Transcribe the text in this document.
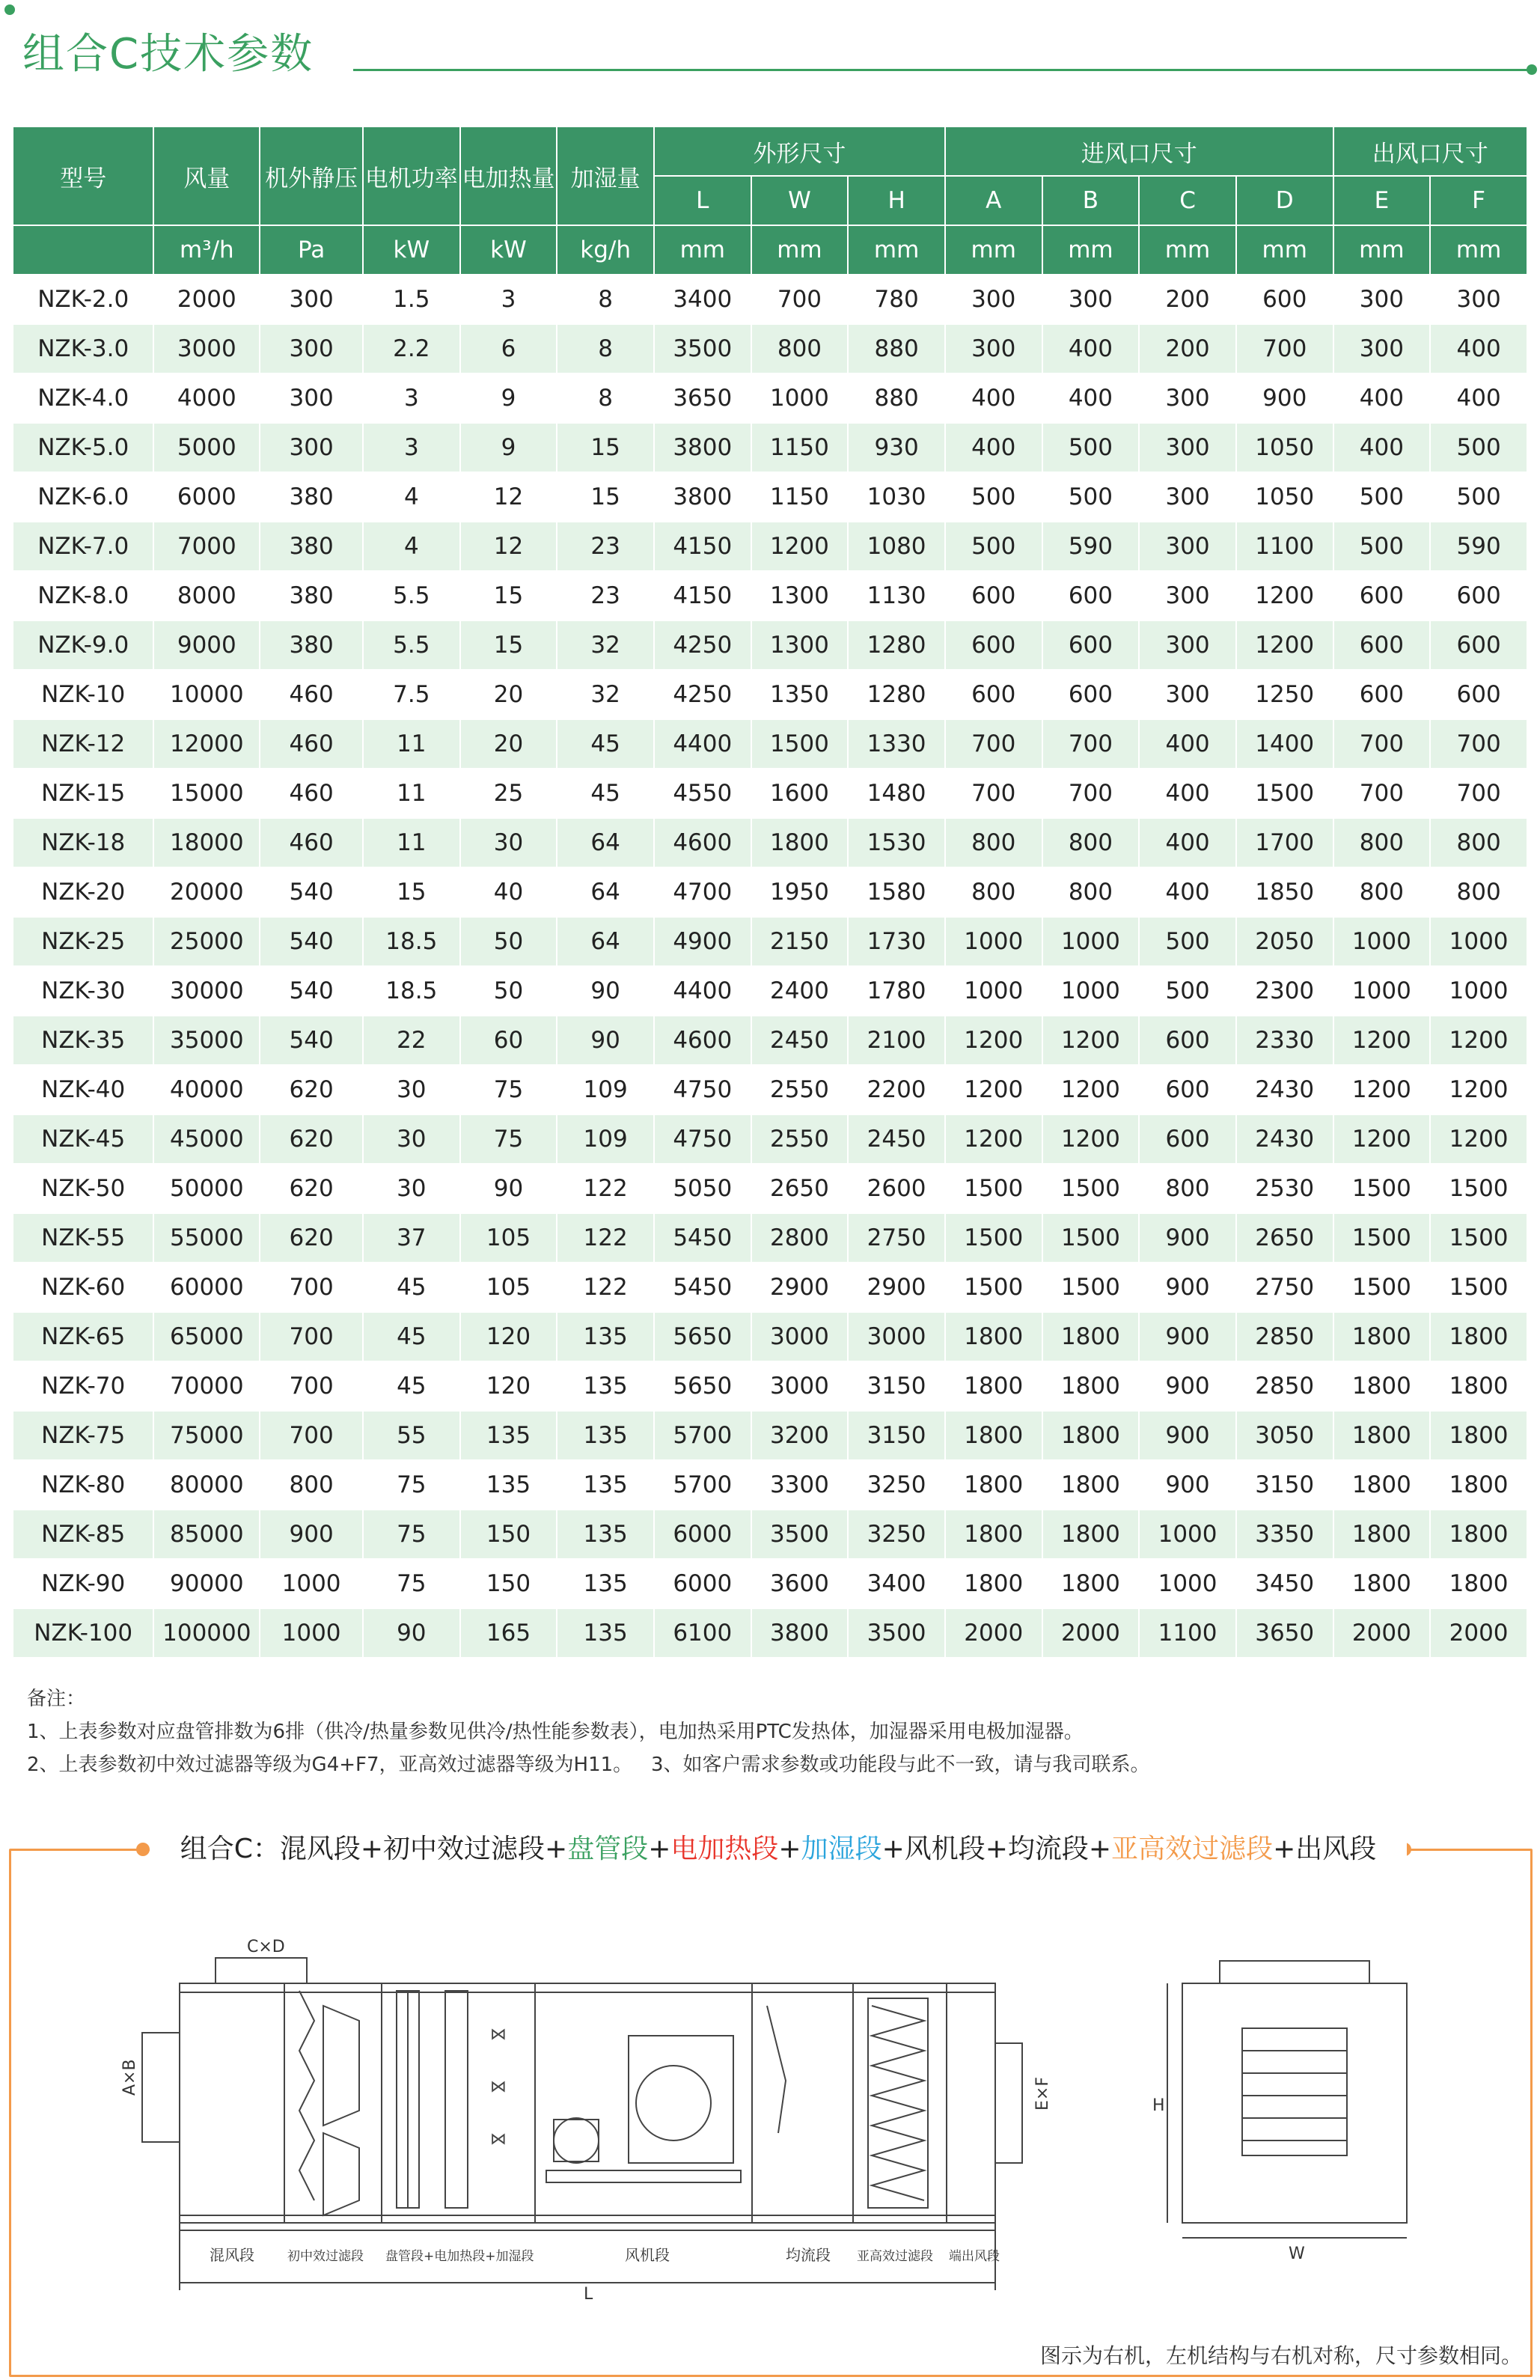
组合C技术参数
型号	风量	机外静压	电机功率	电加热量	加湿量	外形尺寸			进风口尺寸				出风口尺寸	
						L	W	H	A	B	C	D	E	F
	m³/h	Pa	kW	kW	kg/h	mm	mm	mm	mm	mm	mm	mm	mm	mm
NZK-2.0	2000	300	1.5	3	8	3400	700	780	300	300	200	600	300	300
NZK-3.0	3000	300	2.2	6	8	3500	800	880	300	400	200	700	300	400
NZK-4.0	4000	300	3	9	8	3650	1000	880	400	400	300	900	400	400
NZK-5.0	5000	300	3	9	15	3800	1150	930	400	500	300	1050	400	500
NZK-6.0	6000	380	4	12	15	3800	1150	1030	500	500	300	1050	500	500
NZK-7.0	7000	380	4	12	23	4150	1200	1080	500	590	300	1100	500	590
NZK-8.0	8000	380	5.5	15	23	4150	1300	1130	600	600	300	1200	600	600
NZK-9.0	9000	380	5.5	15	32	4250	1300	1280	600	600	300	1200	600	600
NZK-10	10000	460	7.5	20	32	4250	1350	1280	600	600	300	1250	600	600
NZK-12	12000	460	11	20	45	4400	1500	1330	700	700	400	1400	700	700
NZK-15	15000	460	11	25	45	4550	1600	1480	700	700	400	1500	700	700
NZK-18	18000	460	11	30	64	4600	1800	1530	800	800	400	1700	800	800
NZK-20	20000	540	15	40	64	4700	1950	1580	800	800	400	1850	800	800
NZK-25	25000	540	18.5	50	64	4900	2150	1730	1000	1000	500	2050	1000	1000
NZK-30	30000	540	18.5	50	90	4400	2400	1780	1000	1000	500	2300	1000	1000
NZK-35	35000	540	22	60	90	4600	2450	2100	1200	1200	600	2330	1200	1200
NZK-40	40000	620	30	75	109	4750	2550	2200	1200	1200	600	2430	1200	1200
NZK-45	45000	620	30	75	109	4750	2550	2450	1200	1200	600	2430	1200	1200
NZK-50	50000	620	30	90	122	5050	2650	2600	1500	1500	800	2530	1500	1500
NZK-55	55000	620	37	105	122	5450	2800	2750	1500	1500	900	2650	1500	1500
NZK-60	60000	700	45	105	122	5450	2900	2900	1500	1500	900	2750	1500	1500
NZK-65	65000	700	45	120	135	5650	3000	3000	1800	1800	900	2850	1800	1800
NZK-70	70000	700	45	120	135	5650	3000	3150	1800	1800	900	2850	1800	1800
NZK-75	75000	700	55	135	135	5700	3200	3150	1800	1800	900	3050	1800	1800
NZK-80	80000	800	75	135	135	5700	3300	3250	1800	1800	900	3150	1800	1800
NZK-85	85000	900	75	150	135	6000	3500	3250	1800	1800	1000	3350	1800	1800
NZK-90	90000	1000	75	150	135	6000	3600	3400	1800	1800	1000	3450	1800	1800
NZK-100	100000	1000	90	165	135	6100	3800	3500	2000	2000	1100	3650	2000	2000
备注：
1、上表参数对应盘管排数为6排（供冷/热量参数见供冷/热性能参数表），电加热采用PTC发热体，加湿器采用电极加湿器。
2、上表参数初中效过滤器等级为G4+F7，亚高效过滤器等级为H11。   3、如客户需求参数或功能段与此不一致，请与我司联系。
组合C：混风段+初中效过滤段+盘管段+电加热段+加湿段+风机段+均流段+亚高效过滤段+出风段
⋈
⋈
⋈
C×D
A×B	E×F	H
W
L
混风段	初中效过滤段 盘管段+电加热段+加湿段	风机段	均流段 亚高效过滤段 端出风段
图示为右机，左机结构与右机对称，尺寸参数相同。
